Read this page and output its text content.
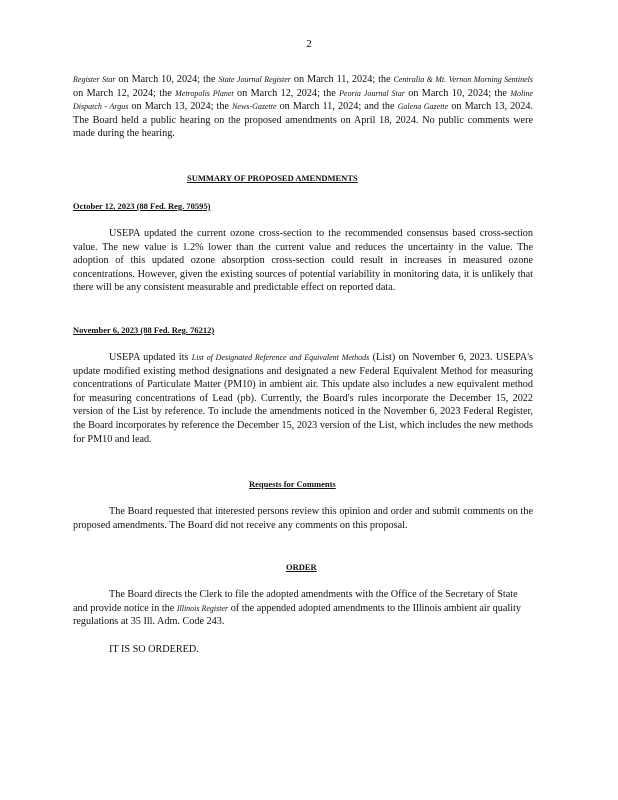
2
Register Star on March 10, 2024; the State Journal Register on March 11, 2024; the Centralia & Mt. Vernon Morning Sentinels on March 12, 2024; the Metropolis Planet on March 12, 2024; the Peoria Journal Star on March 10, 2024; the Moline Dispatch - Argus on March 13, 2024; the News-Gazette on March 11, 2024; and the Galena Gazette on March 13, 2024. The Board held a public hearing on the proposed amendments on April 18, 2024. No public comments were made during the hearing.
SUMMARY OF PROPOSED AMENDMENTS
October 12, 2023 (88 Fed. Reg. 70595)
USEPA updated the current ozone cross-section to the recommended consensus based cross-section value. The new value is 1.2% lower than the current value and reduces the uncertainty in the value. The adoption of this updated ozone absorption cross-section could result in increases in measured ozone concentrations. However, given the existing sources of potential variability in monitoring data, it is unlikely that there will be any consistent measurable and predictable effect on reported data.
November 6, 2023 (88 Fed. Reg. 76212)
USEPA updated its List of Designated Reference and Equivalent Methods (List) on November 6, 2023. USEPA's update modified existing method designations and designated a new Federal Equivalent Method for measuring concentrations of Particulate Matter (PM10) in ambient air. This update also includes a new equivalent method for measuring concentrations of Lead (pb). Currently, the Board's rules incorporate the December 15, 2022 version of the List by reference. To include the amendments noticed in the November 6, 2023 Federal Register, the Board incorporates by reference the December 15, 2023 version of the List, which includes the new methods for PM10 and lead.
Requests for Comments
The Board requested that interested persons review this opinion and order and submit comments on the proposed amendments. The Board did not receive any comments on this proposal.
ORDER
The Board directs the Clerk to file the adopted amendments with the Office of the Secretary of State and provide notice in the Illinois Register of the appended adopted amendments to the Illinois ambient air quality regulations at 35 Ill. Adm. Code 243.
IT IS SO ORDERED.
